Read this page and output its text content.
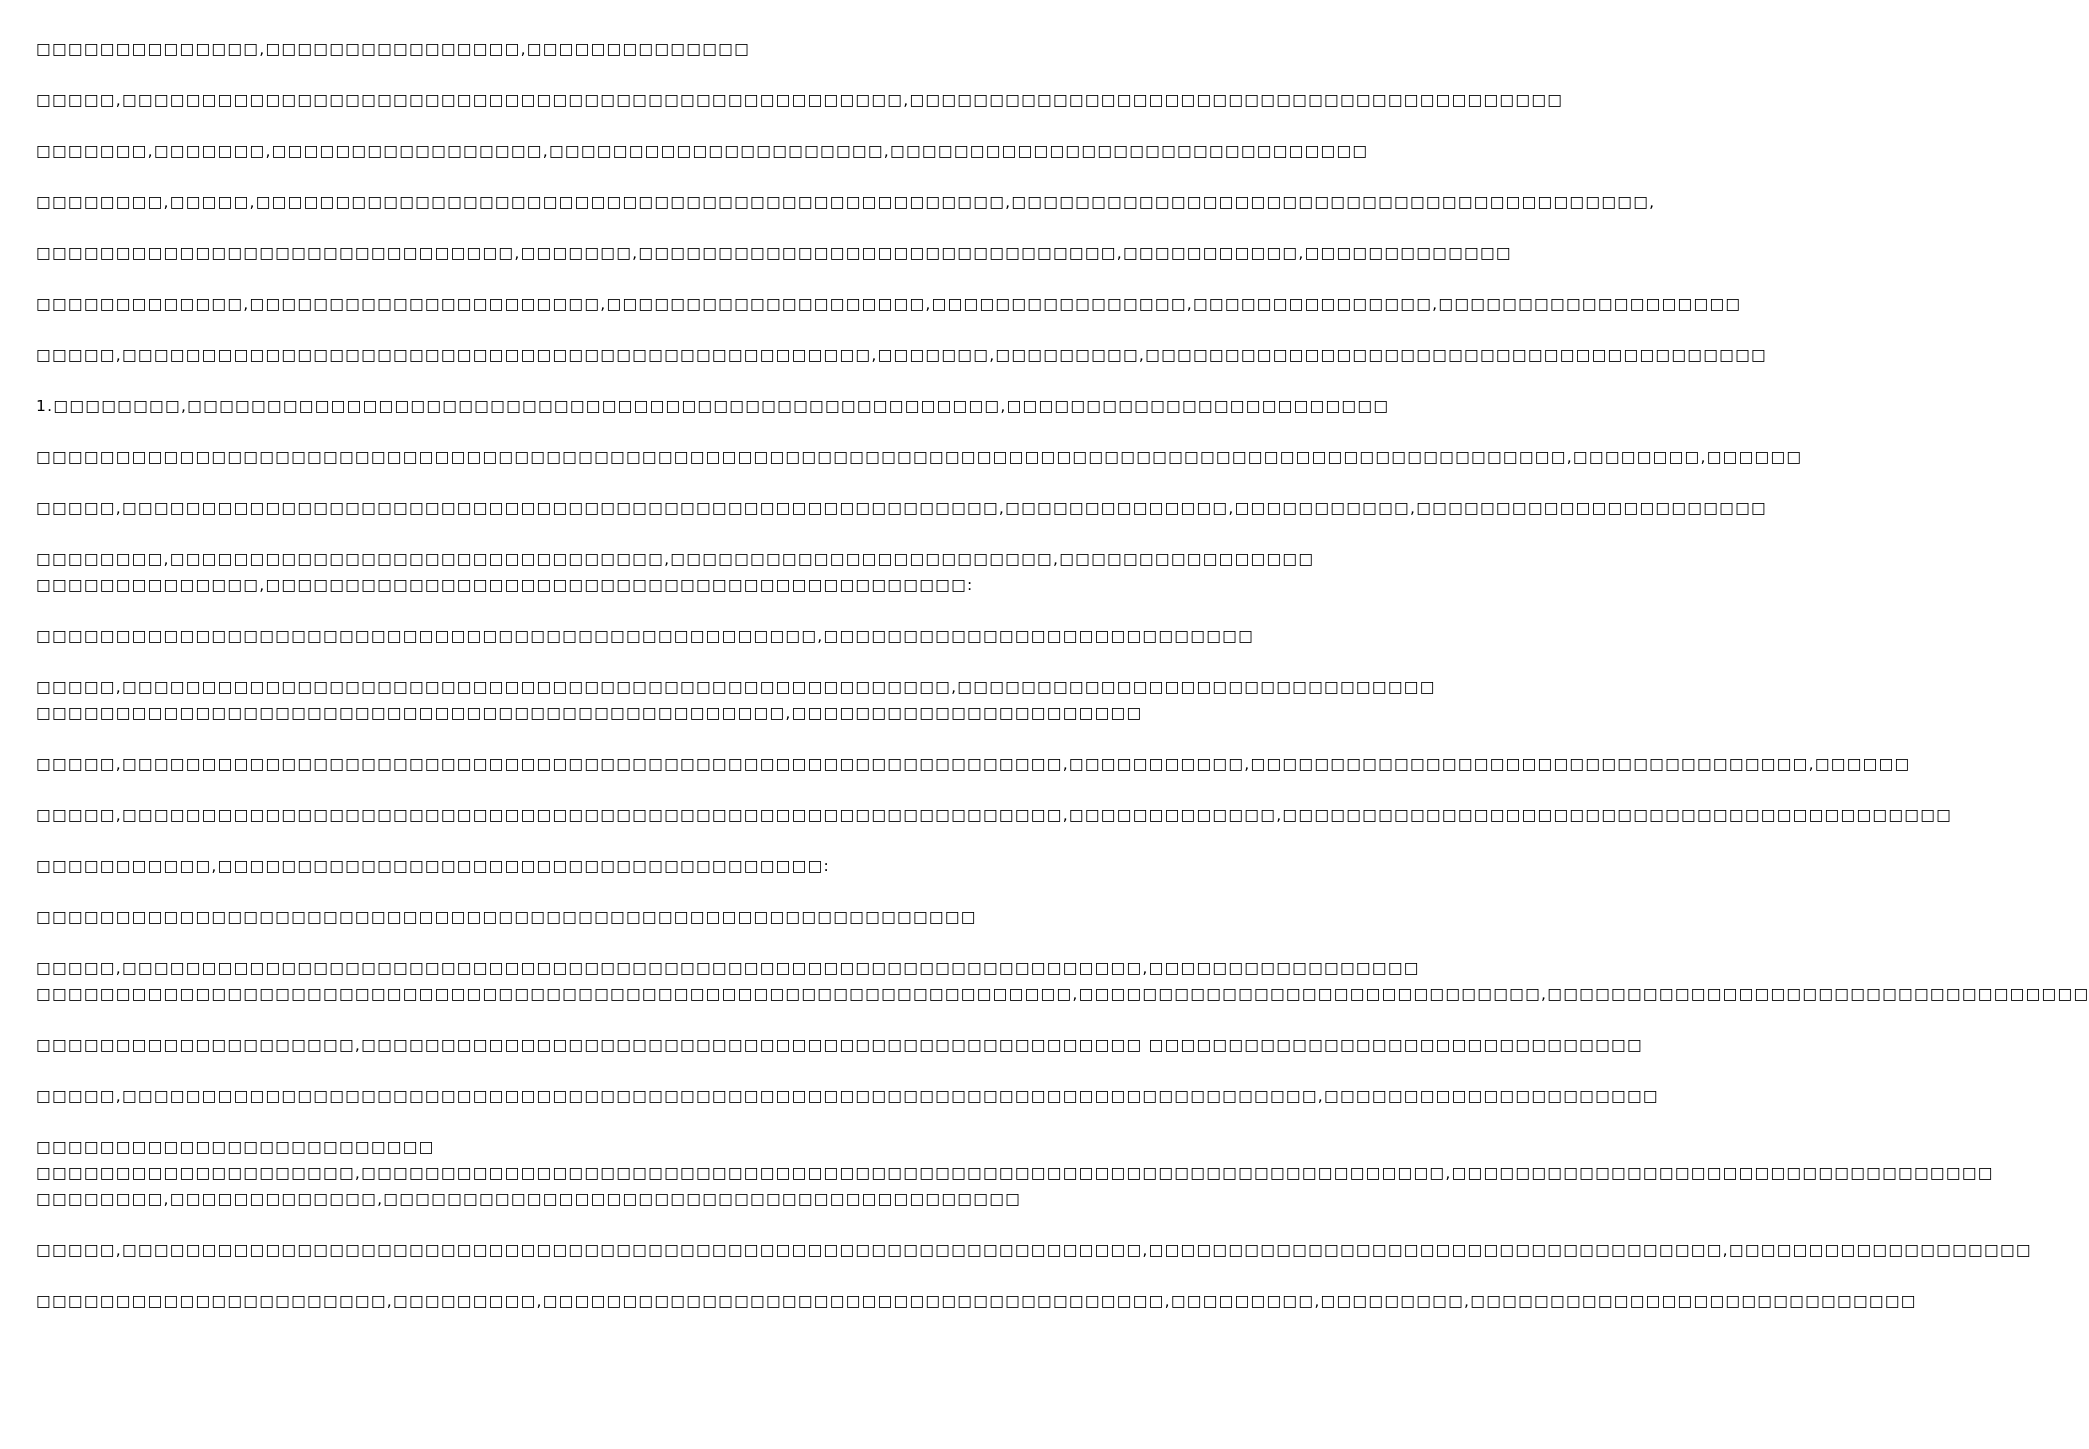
□□□□□□□□□□□□□□,□□□□□□□□□□□□□□□□,□□□□□□□□□□□□□□
□□□□□,□□□□□□□□□□□□□□□□□□□□□□□□□□□□□□□□□□□□□□□□□□□□□□□□□,□□□□□□□□□□□□□□□□□□□□□□□□□□□□□□□□□□□□□□□□□
□□□□□□□,□□□□□□□,□□□□□□□□□□□□□□□□□,□□□□□□□□□□□□□□□□□□□□□,□□□□□□□□□□□□□□□□□□□□□□□□□□□□□□
□□□□□□□□,□□□□□,□□□□□□□□□□□□□□□□□□□□□□□□□□□□□□□□□□□□□□□□□□□□□□□,□□□□□□□□□□□□□□□□□□□□□□□□□□□□□□□□□□□□□□□□,
□□□□□□□□□□□□□□□□□□□□□□□□□□□□□□,□□□□□□□,□□□□□□□□□□□□□□□□□□□□□□□□□□□□□□,□□□□□□□□□□□,□□□□□□□□□□□□□
□□□□□□□□□□□□□,□□□□□□□□□□□□□□□□□□□□□□,□□□□□□□□□□□□□□□□□□□□,□□□□□□□□□□□□□□□□,□□□□□□□□□□□□□□□,□□□□□□□□□□□□□□□□□□□
□□□□□,□□□□□□□□□□□□□□□□□□□□□□□□□□□□□□□□□□□□□□□□□□□□□□□,□□□□□□□,□□□□□□□□□,□□□□□□□□□□□□□□□□□□□□□□□□□□□□□□□□□□□□□□□
1.□□□□□□□□,□□□□□□□□□□□□□□□□□□□□□□□□□□□□□□□□□□□□□□□□□□□□□□□□□□□,□□□□□□□□□□□□□□□□□□□□□□□□
□□□□□□□□□□□□□□□□□□□□□□□□□□□□□□□□□□□□□□□□□□□□□□□□□□□□□□□□□□□□□□□□□□□□□□□□□□□□□□□□□□□□□□□□□□□□□□□□,□□□□□□□□,□□□□□□
□□□□□,□□□□□□□□□□□□□□□□□□□□□□□□□□□□□□□□□□□□□□□□□□□□□□□□□□□□□□□,□□□□□□□□□□□□□□,□□□□□□□□□□□,□□□□□□□□□□□□□□□□□□□□□□
□□□□□□□□,□□□□□□□□□□□□□□□□□□□□□□□□□□□□□□□,□□□□□□□□□□□□□□□□□□□□□□□□,□□□□□□□□□□□□□□□□
□□□□□□□□□□□□□□,□□□□□□□□□□□□□□□□□□□□□□□□□□□□□□□□□□□□□□□□□□□□:
□□□□□□□□□□□□□□□□□□□□□□□□□□□□□□□□□□□□□□□□□□□□□□□□□,□□□□□□□□□□□□□□□□□□□□□□□□□□□
□□□□□,□□□□□□□□□□□□□□□□□□□□□□□□□□□□□□□□□□□□□□□□□□□□□□□□□□□□,□□□□□□□□□□□□□□□□□□□□□□□□□□□□□□
□□□□□□□□□□□□□□□□□□□□□□□□□□□□□□□□□□□□□□□□□□□□□□□,□□□□□□□□□□□□□□□□□□□□□□
□□□□□,□□□□□□□□□□□□□□□□□□□□□□□□□□□□□□□□□□□□□□□□□□□□□□□□□□□□□□□□□□□,□□□□□□□□□□□,□□□□□□□□□□□□□□□□□□□□□□□□□□□□□□□□□□□,□□□□□□
□□□□□,□□□□□□□□□□□□□□□□□□□□□□□□□□□□□□□□□□□□□□□□□□□□□□□□□□□□□□□□□□□,□□□□□□□□□□□□□,□□□□□□□□□□□□□□□□□□□□□□□□□□□□□□□□□□□□□□□□□□
□□□□□□□□□□□,□□□□□□□□□□□□□□□□□□□□□□□□□□□□□□□□□□□□□□:
□□□□□□□□□□□□□□□□□□□□□□□□□□□□□□□□□□□□□□□□□□□□□□□□□□□□□□□□□□□
□□□□□,□□□□□□□□□□□□□□□□□□□□□□□□□□□□□□□□□□□□□□□□□□□□□□□□□□□□□□□□□□□□□□□□,□□□□□□□□□□□□□□□□□
□□□□□□□□□□□□□□□□□□□□□□□□□□□□□□□□□□□□□□□□□□□□□□□□□□□□□□□□□□□□□□□□□,□□□□□□□□□□□□□□□□□□□□□□□□□□□□□,□□□□□□□□□□□□□□□□□□□□□□□□□□□□□□□□□□
□□□□□□□□□□□□□□□□□□□□,□□□□□□□□□□□□□□□□□□□□□□□□□□□□□□□□□□□□□□□□□□□□□□□□□ □□□□□□□□□□□□□□□□□□□□□□□□□□□□□□□
□□□□□,□□□□□□□□□□□□□□□□□□□□□□□□□□□□□□□□□□□□□□□□□□□□□□□□□□□□□□□□□□□□□□□□□□□□□□□□□□□,□□□□□□□□□□□□□□□□□□□□□
□□□□□□□□□□□□□□□□□□□□□□□□□
□□□□□□□□□□□□□□□□□□□□,□□□□□□□□□□□□□□□□□□□□□□□□□□□□□□□□□□□□□□□□□□□□□□□□□□□□□□□□□□□□□□□□□□□□,□□□□□□□□□□□□□□□□□□□□□□□□□□□□□□□□□□
□□□□□□□□,□□□□□□□□□□□□□,□□□□□□□□□□□□□□□□□□□□□□□□□□□□□□□□□□□□□□□□
□□□□□,□□□□□□□□□□□□□□□□□□□□□□□□□□□□□□□□□□□□□□□□□□□□□□□□□□□□□□□□□□□□□□□□,□□□□□□□□□□□□□□□□□□□□□□□□□□□□□□□□□□□□,□□□□□□□□□□□□□□□□□□□
□□□□□□□□□□□□□□□□□□□□□□,□□□□□□□□□,□□□□□□□□□□□□□□□□□□□□□□□□□□□□□□□□□□□□□□□,□□□□□□□□□,□□□□□□□□□,□□□□□□□□□□□□□□□□□□□□□□□□□□□□
